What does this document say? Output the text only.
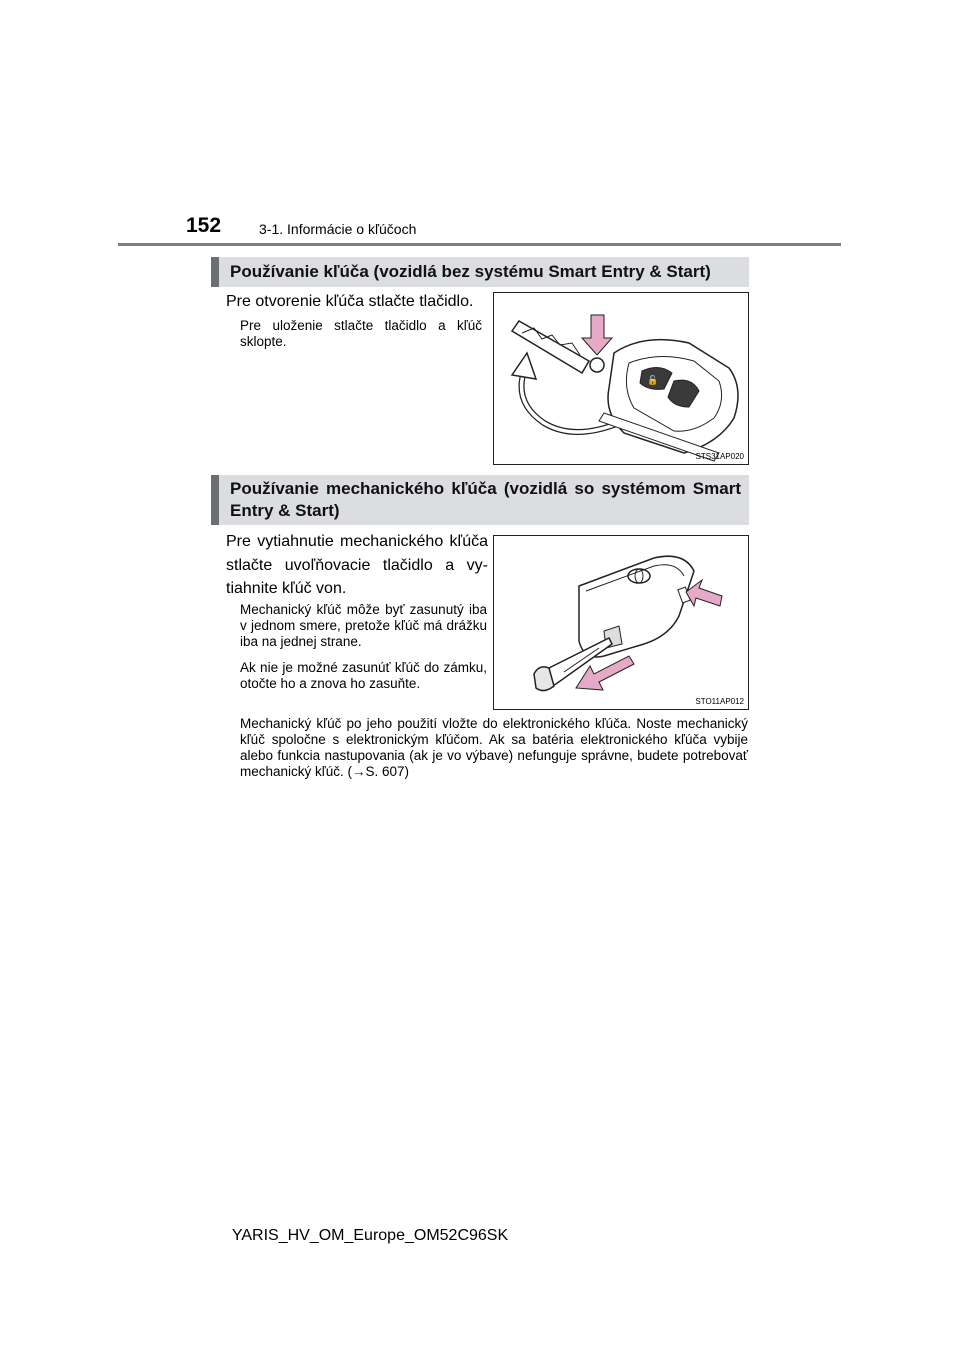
152	3-1. Informácie o kľúčoch
Používanie kľúča (vozidlá bez systému Smart Entry & Start)
Pre otvorenie kľúča stlačte tlačidlo.
Pre uloženie stlačte tlačidlo a kľúč sklopte.
🔓
STS31AP020
Používanie mechanického kľúča (vozidlá so systémom Smart
Entry & Start)
Pre vytiahnutie mechanického kľúča stlačte uvoľňovacie tlačidlo a vytiahnite kľúč von.
STO11AP012
Mechanický kľúč môže byť zasunutý iba v jednom smere, pretože kľúč má drážku iba na jednej strane.
Ak nie je možné zasunúť kľúč do zámku, otočte ho a znova ho zasuňte.
Mechanický kľúč po jeho použití vložte do elektronického kľúča. Noste mechanický kľúč spoločne s elektronickým kľúčom. Ak sa batéria elektronického kľúča vybije alebo funkcia nastupovania (ak je vo výbave) nefunguje správne, budete potrebovať mechanický kľúč. (→S. 607)
YARIS_HV_OM_Europe_OM52C96SK
